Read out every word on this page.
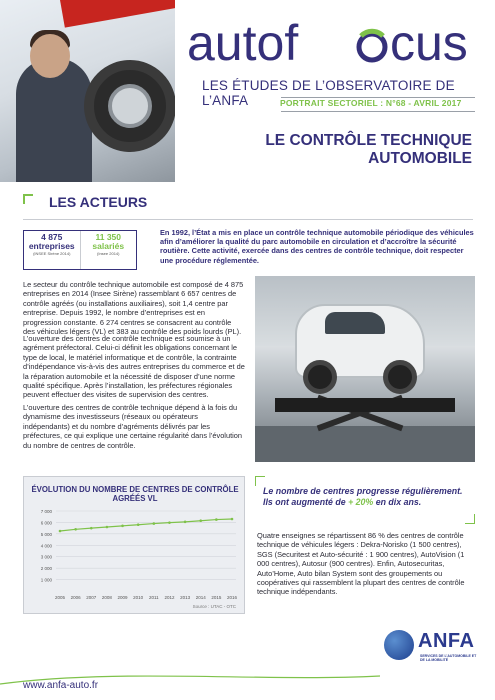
autof cus
LES ÉTUDES DE L’OBSERVATOIRE DE L’ANFA	PORTRAIT SECTORIEL : N°68 - AVRIL 2017
LE CONTRÔLE TECHNIQUE
AUTOMOBILE
LES ACTEURS
4 875
entreprises
(INSEE Sirène 2014)
11 350
salariés
(Insee 2014)
En 1992, l’État a mis en place un contrôle technique automobile périodique des véhicules afin d’améliorer la qualité du parc automobile en circulation et d’accroître la sécurité routière. Cette activité, exercée dans des centres de contrôle technique, doit respecter une procédure réglementée.
Le secteur du contrôle technique automobile est composé de 4 875 entreprises en 2014 (Insee Sirène) rassemblant 6 657 centres de contrôle agréés (ou installations auxiliaires), soit 1,4 centre par entreprise. Depuis 1992, le nombre d’entreprises est en progression constante. 6 274 centres se consacrent au contrôle des véhicules légers (VL) et 383 au contrôle des poids lourds (PL).
L’ouverture des centres de contrôle technique est soumise à un agrément préfectoral. Celui-ci définit les obligations concernant le type de local, le matériel informatique et de contrôle, la contrainte d’indépendance vis-à-vis des autres entreprises du commerce et de la réparation automobile et la nécessité de disposer d’une norme qualité spécifique. Après l’installation, les préfectures régionales peuvent effectuer des visites de supervision des centres.
L’ouverture des centres de contrôle technique dépend à la fois du dynamisme des investisseurs (réseaux ou opérateurs indépendants) et du nombre d’agréments délivrés par les préfectures, ce qui explique une certaine régularité dans l’évolution du nombre de centres de contrôle.
ÉVOLUTION DU NOMBRE DE CENTRES DE CONTRÔLE AGRÉÉS VL
1 000
2 000
3 000
4 000
5 000
6 000
7 000
2005 2006 2007 2008 2009 2010 2011 2012 2013 2014 2015 2016
Source : UTAC - OTC
Le nombre de centres progresse régulièrement.
Ils ont augmenté de + 20% en dix ans.
Quatre enseignes se répartissent 86 % des centres de contrôle technique de véhicules légers : Dekra-Norisko (1 500 centres), SGS (Securitest et Auto-sécurité : 1 900 centres), AutoVision (1 000 centres), Autosur (900 centres). Enfin, Autosecuritas, Auto’Home, Auto bilan System sont des groupements ou coopératives qui rassemblent la plupart des centres de contrôle technique indépendants.
www.anfa-auto.fr
ANFA
SERVICES DE L’AUTOMOBILE ET DE LA MOBILITÉ
